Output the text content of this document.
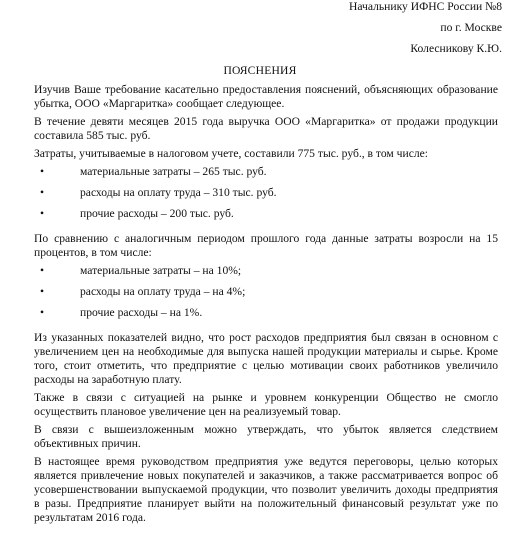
Начальнику ИФНС России №8
по г. Москве
Колесникову К.Ю.
ПОЯСНЕНИЯ

Изучив Ваше требование касательно предоставления пояснений, объясняющих образование убытка, ООО «Маргаритка» сообщает следующее.

В течение девяти месяцев 2015 года выручка ООО «Маргаритка» от продажи продукции составила 585 тыс. руб.

Затраты, учитываемые в налоговом учете, составили 775 тыс. руб., в том числе:

•	материальные затраты – 265 тыс. руб.
•	расходы на оплату труда – 310 тыс. руб.
•	прочие расходы – 200 тыс. руб.

По сравнению с аналогичным периодом прошлого года данные затраты возросли на 15 процентов, в том числе:

•	материальные затраты – на 10%;
•	расходы на оплату труда – на 4%;
•	прочие расходы – на 1%.

Из указанных показателей видно, что рост расходов предприятия был связан в основном с увеличением цен на необходимые для выпуска нашей продукции материалы и сырье. Кроме того, стоит отметить, что предприятие с целью мотивации своих работников увеличило расходы на заработную плату.

Также в связи с ситуацией на рынке и уровнем конкуренции Общество не смогло осуществить плановое увеличение цен на реализуемый товар.

В связи с вышеизложенным можно утверждать, что убыток является следствием объективных причин.

В настоящее время руководством предприятия уже ведутся переговоры, целью которых является привлечение новых покупателей и заказчиков, а также рассматривается вопрос об усовершенствовании выпускаемой продукции, что позволит увеличить доходы предприятия в разы. Предприятие планирует выйти на положительный финансовый результат уже по результатам 2016 года.
